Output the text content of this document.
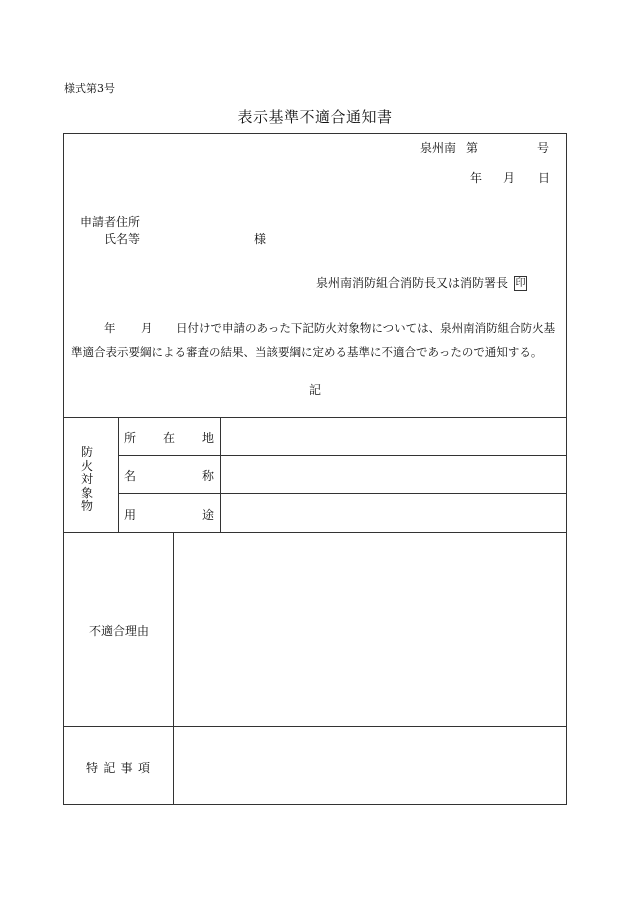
様式第3号
表示基準不適合通知書
泉州南 第	号
年 月 日
申請者住所
氏名等	様
泉州南消防組合消防長又は消防署長 印
年 月 日付けで申請のあった下記防火対象物については、泉州南消防組合防火基
準適合表示要綱による審査の結果、当該要綱に定める基準に不適合であったので通知する。
記
防火対象物
所 在 地
名	称
用	途
不適合理由
特 記 事 項
